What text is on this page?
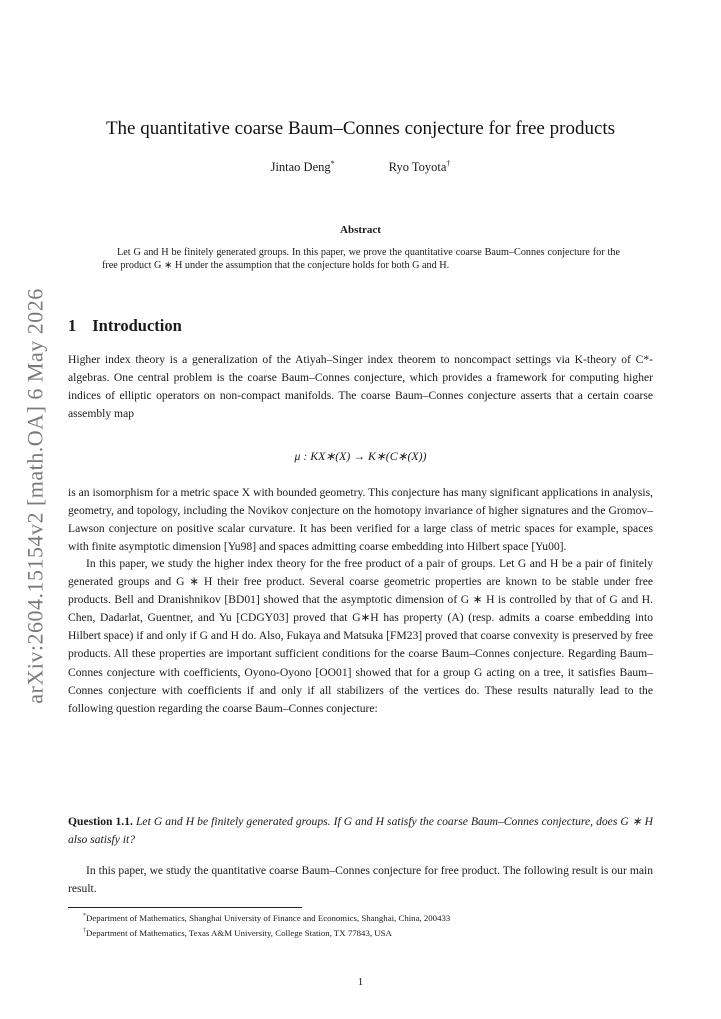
arXiv:2604.15154v2 [math.OA] 6 May 2026
The quantitative coarse Baum–Connes conjecture for free products
Jintao Deng*	Ryo Toyota†
Abstract
Let G and H be finitely generated groups. In this paper, we prove the quantitative coarse Baum–Connes conjecture for the free product G ∗ H under the assumption that the conjecture holds for both G and H.
1 Introduction

Higher index theory is a generalization of the Atiyah–Singer index theorem to noncompact settings via K-theory of C*-algebras. One central problem is the coarse Baum–Connes conjecture, which provides a framework for computing higher indices of elliptic operators on non-compact manifolds. The coarse Baum–Connes conjecture asserts that a certain coarse assembly map

μ : KX∗(X) → K∗(C∗(X))

is an isomorphism for a metric space X with bounded geometry. This conjecture has many significant applications in analysis, geometry, and topology, including the Novikov conjecture on the homotopy invariance of higher signatures and the Gromov–Lawson conjecture on positive scalar curvature. It has been verified for a large class of metric spaces for example, spaces with finite asymptotic dimension [Yu98] and spaces admitting coarse embedding into Hilbert space [Yu00].

In this paper, we study the higher index theory for the free product of a pair of groups. Let G and H be a pair of finitely generated groups and G ∗ H their free product. Several coarse geometric properties are known to be stable under free products. Bell and Dranishnikov [BD01] showed that the asymptotic dimension of G ∗ H is controlled by that of G and H. Chen, Dadarlat, Guentner, and Yu [CDGY03] proved that G∗H has property (A) (resp. admits a coarse embedding into Hilbert space) if and only if G and H do. Also, Fukaya and Matsuka [FM23] proved that coarse convexity is preserved by free products. All these properties are important sufficient conditions for the coarse Baum–Connes conjecture. Regarding Baum–Connes conjecture with coefficients, Oyono-Oyono [OO01] showed that for a group G acting on a tree, it satisfies Baum–Connes conjecture with coefficients if and only if all stabilizers of the vertices do. These results naturally lead to the following question regarding the coarse Baum–Connes conjecture:

Question 1.1. Let G and H be finitely generated groups. If G and H satisfy the coarse Baum–Connes conjecture, does G ∗ H also satisfy it?

In this paper, we study the quantitative coarse Baum–Connes conjecture for free product. The following result is our main result.

*Department of Mathematics, Shanghai University of Finance and Economics, Shanghai, China, 200433
†Department of Mathematics, Texas A&M University, College Station, TX 77843, USA
1
